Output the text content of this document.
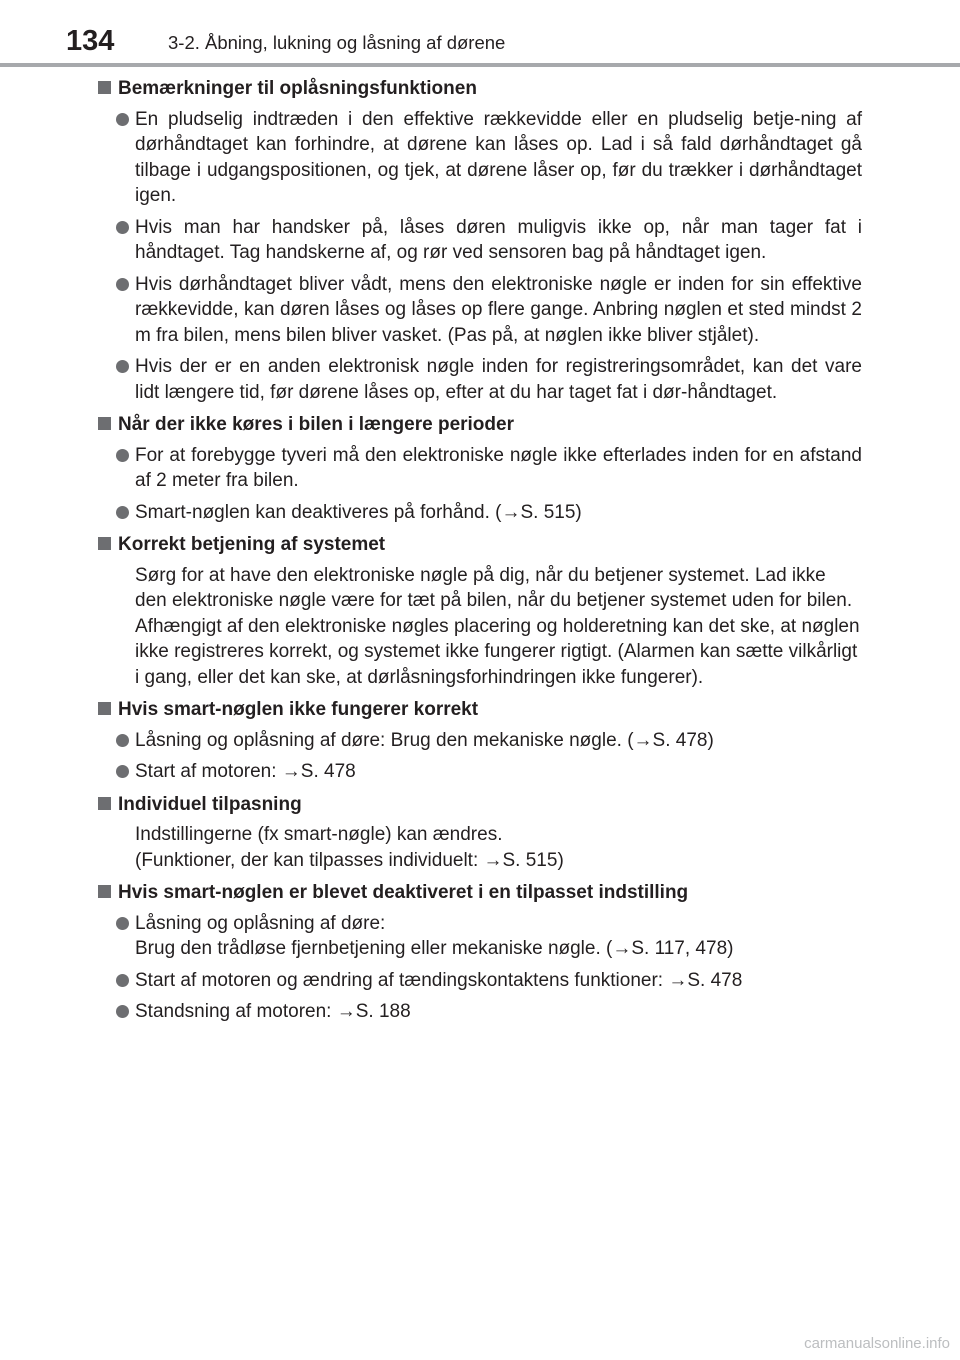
134	3-2. Åbning, lukning og låsning af dørene
Bemærkninger til oplåsningsfunktionen
En pludselig indtræden i den effektive rækkevidde eller en pludselig betje-ning af dørhåndtaget kan forhindre, at dørene kan låses op. Lad i så fald dørhåndtaget gå tilbage i udgangspositionen, og tjek, at dørene låser op, før du trækker i dørhåndtaget igen.
Hvis man har handsker på, låses døren muligvis ikke op, når man tager fat i håndtaget. Tag handskerne af, og rør ved sensoren bag på håndtaget igen.
Hvis dørhåndtaget bliver vådt, mens den elektroniske nøgle er inden for sin effektive rækkevidde, kan døren låses og låses op flere gange. Anbring nøglen et sted mindst 2 m fra bilen, mens bilen bliver vasket. (Pas på, at nøglen ikke bliver stjålet).
Hvis der er en anden elektronisk nøgle inden for registreringsområdet, kan det vare lidt længere tid, før dørene låses op, efter at du har taget fat i dør-håndtaget.
Når der ikke køres i bilen i længere perioder
For at forebygge tyveri må den elektroniske nøgle ikke efterlades inden for en afstand af 2 meter fra bilen.
Smart-nøglen kan deaktiveres på forhånd. (→S. 515)
Korrekt betjening af systemet
Sørg for at have den elektroniske nøgle på dig, når du betjener systemet. Lad ikke den elektroniske nøgle være for tæt på bilen, når du betjener systemet uden for bilen.
Afhængigt af den elektroniske nøgles placering og holderetning kan det ske, at nøglen ikke registreres korrekt, og systemet ikke fungerer rigtigt. (Alarmen kan sætte vilkårligt i gang, eller det kan ske, at dørlåsningsforhindringen ikke fungerer).
Hvis smart-nøglen ikke fungerer korrekt
Låsning og oplåsning af døre: Brug den mekaniske nøgle. (→S. 478)
Start af motoren: →S. 478
Individuel tilpasning
Indstillingerne (fx smart-nøgle) kan ændres.
(Funktioner, der kan tilpasses individuelt: →S. 515)
Hvis smart-nøglen er blevet deaktiveret i en tilpasset indstilling
Låsning og oplåsning af døre:
Brug den trådløse fjernbetjening eller mekaniske nøgle. (→S. 117, 478)
Start af motoren og ændring af tændingskontaktens funktioner: →S. 478
Standsning af motoren: →S. 188
carmanualsonline.info
